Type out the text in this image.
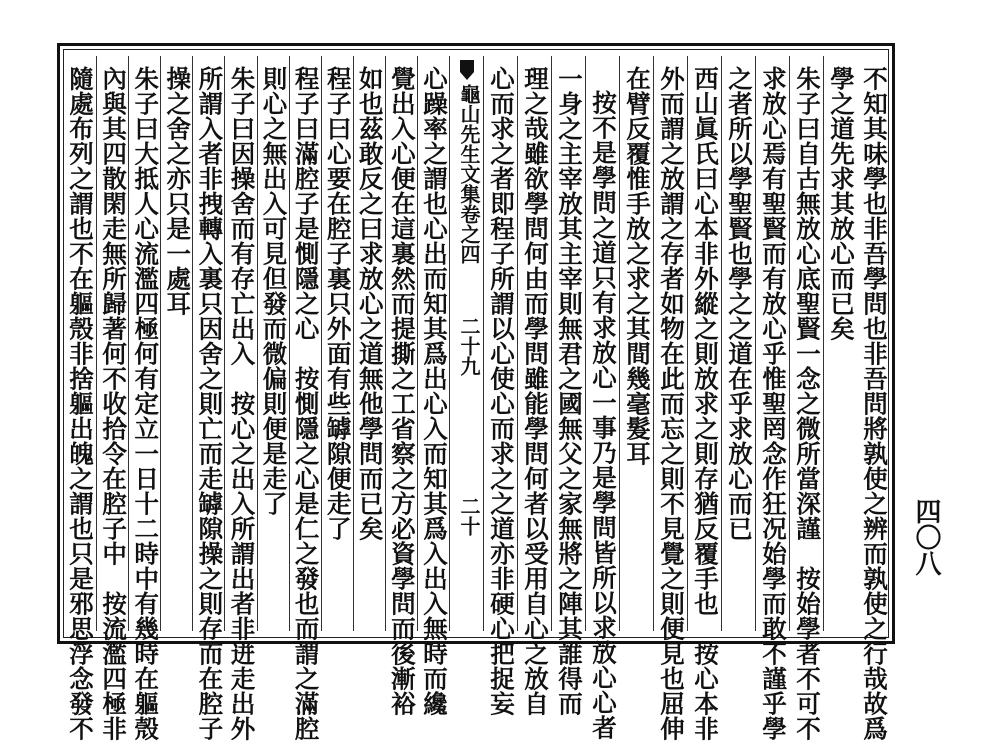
不知其味學也非吾學問也非吾問將孰使之辨而孰使之行哉故爲
學之道先求其放心而已矣
朱子曰自古無放心底聖賢一念之微所當深謹　按始學者不可不
求放心焉有聖賢而有放心乎惟聖罔念作狂况始學而敢不謹乎學
之者所以學聖賢也學之之道在乎求放心而已
西山眞氏曰心本非外縱之則放求之則存猶反覆手也　按心本非
外而謂之放謂之存者如物在此而忘之則不見覺之則便見也屈伸
在臂反覆惟手放之求之其間幾毫髮耳
按不是學問之道只有求放心一事乃是學問皆所以求放心心者
一身之主宰放其主宰則無君之國無父之家無將之陣其誰得而
理之哉雖欲學問何由而學問雖能學問何者以受用自心之放自
心而求之者即程子所謂以心使心而求之之道亦非硬心把捉妄
龜山先生文集卷之四
二十九
二十
心躁率之謂也心出而知其爲出心入而知其爲入出入無時而纔
覺出入心便在這裏然而提撕之工省察之方必資學問而後漸裕
如也茲敢反之曰求放心之道無他學問而已矣
程子曰心要在腔子裏只外面有些罅隙便走了
程子曰滿腔子是惻隱之心　按惻隱之心是仁之發也而謂之滿腔
則心之無出入可見但發而微偏則便是走了
朱子曰因操舍而有存亡出入　按心之出入所謂出者非迸走出外
所謂入者非拽轉入裏只因舍之則亡而走罅隙操之則存而在腔子
操之舍之亦只是一處耳
朱子曰大抵人心流濫四極何有定立一日十二時中有幾時在軀殼
內與其四散閑走無所歸著何不收拾令在腔子中　按流濫四極非
隨處布列之謂也不在軀殼非捨軀出魄之謂也只是邪思浮念發不	四〇八
